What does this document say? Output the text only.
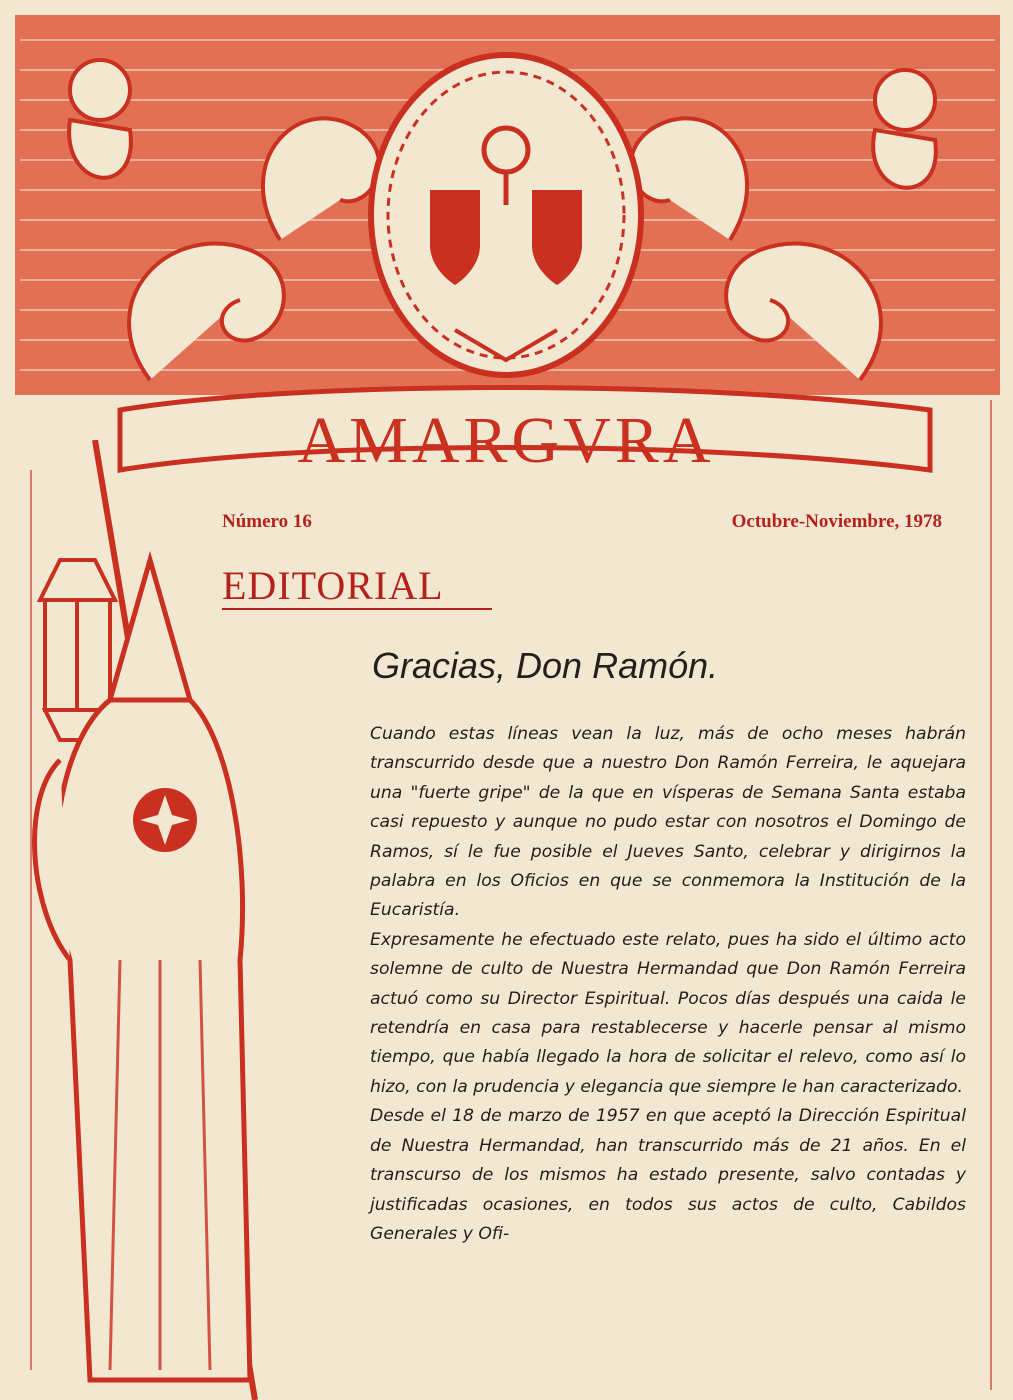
AMARGVRA
Número 16	Octubre-Noviembre, 1978
EDITORIAL
Gracias, Don Ramón.

Cuando estas líneas vean la luz, más de ocho meses habrán transcurrido desde que a nuestro Don Ramón Ferreira, le aquejara una "fuerte gripe" de la que en vísperas de Semana Santa estaba casi repuesto y aunque no pudo estar con nosotros el Domingo de Ramos, sí le fue posible el Jueves Santo, celebrar y dirigirnos la palabra en los Oficios en que se conmemora la Institución de la Eucaristía.

Expresamente he efectuado este relato, pues ha sido el último acto solemne de culto de Nuestra Hermandad que Don Ramón Ferreira actuó como su Director Espiritual. Pocos días después una caida le retendría en casa para restablecerse y hacerle pensar al mismo tiempo, que había llegado la hora de solicitar el relevo, como así lo hizo, con la prudencia y elegancia que siempre le han caracterizado.

Desde el 18 de marzo de 1957 en que aceptó la Dirección Espiritual de Nuestra Hermandad, han transcurrido más de 21 años. En el transcurso de los mismos ha estado presente, salvo contadas y justificadas ocasiones, en todos sus actos de culto, Cabildos Generales y Ofi-
